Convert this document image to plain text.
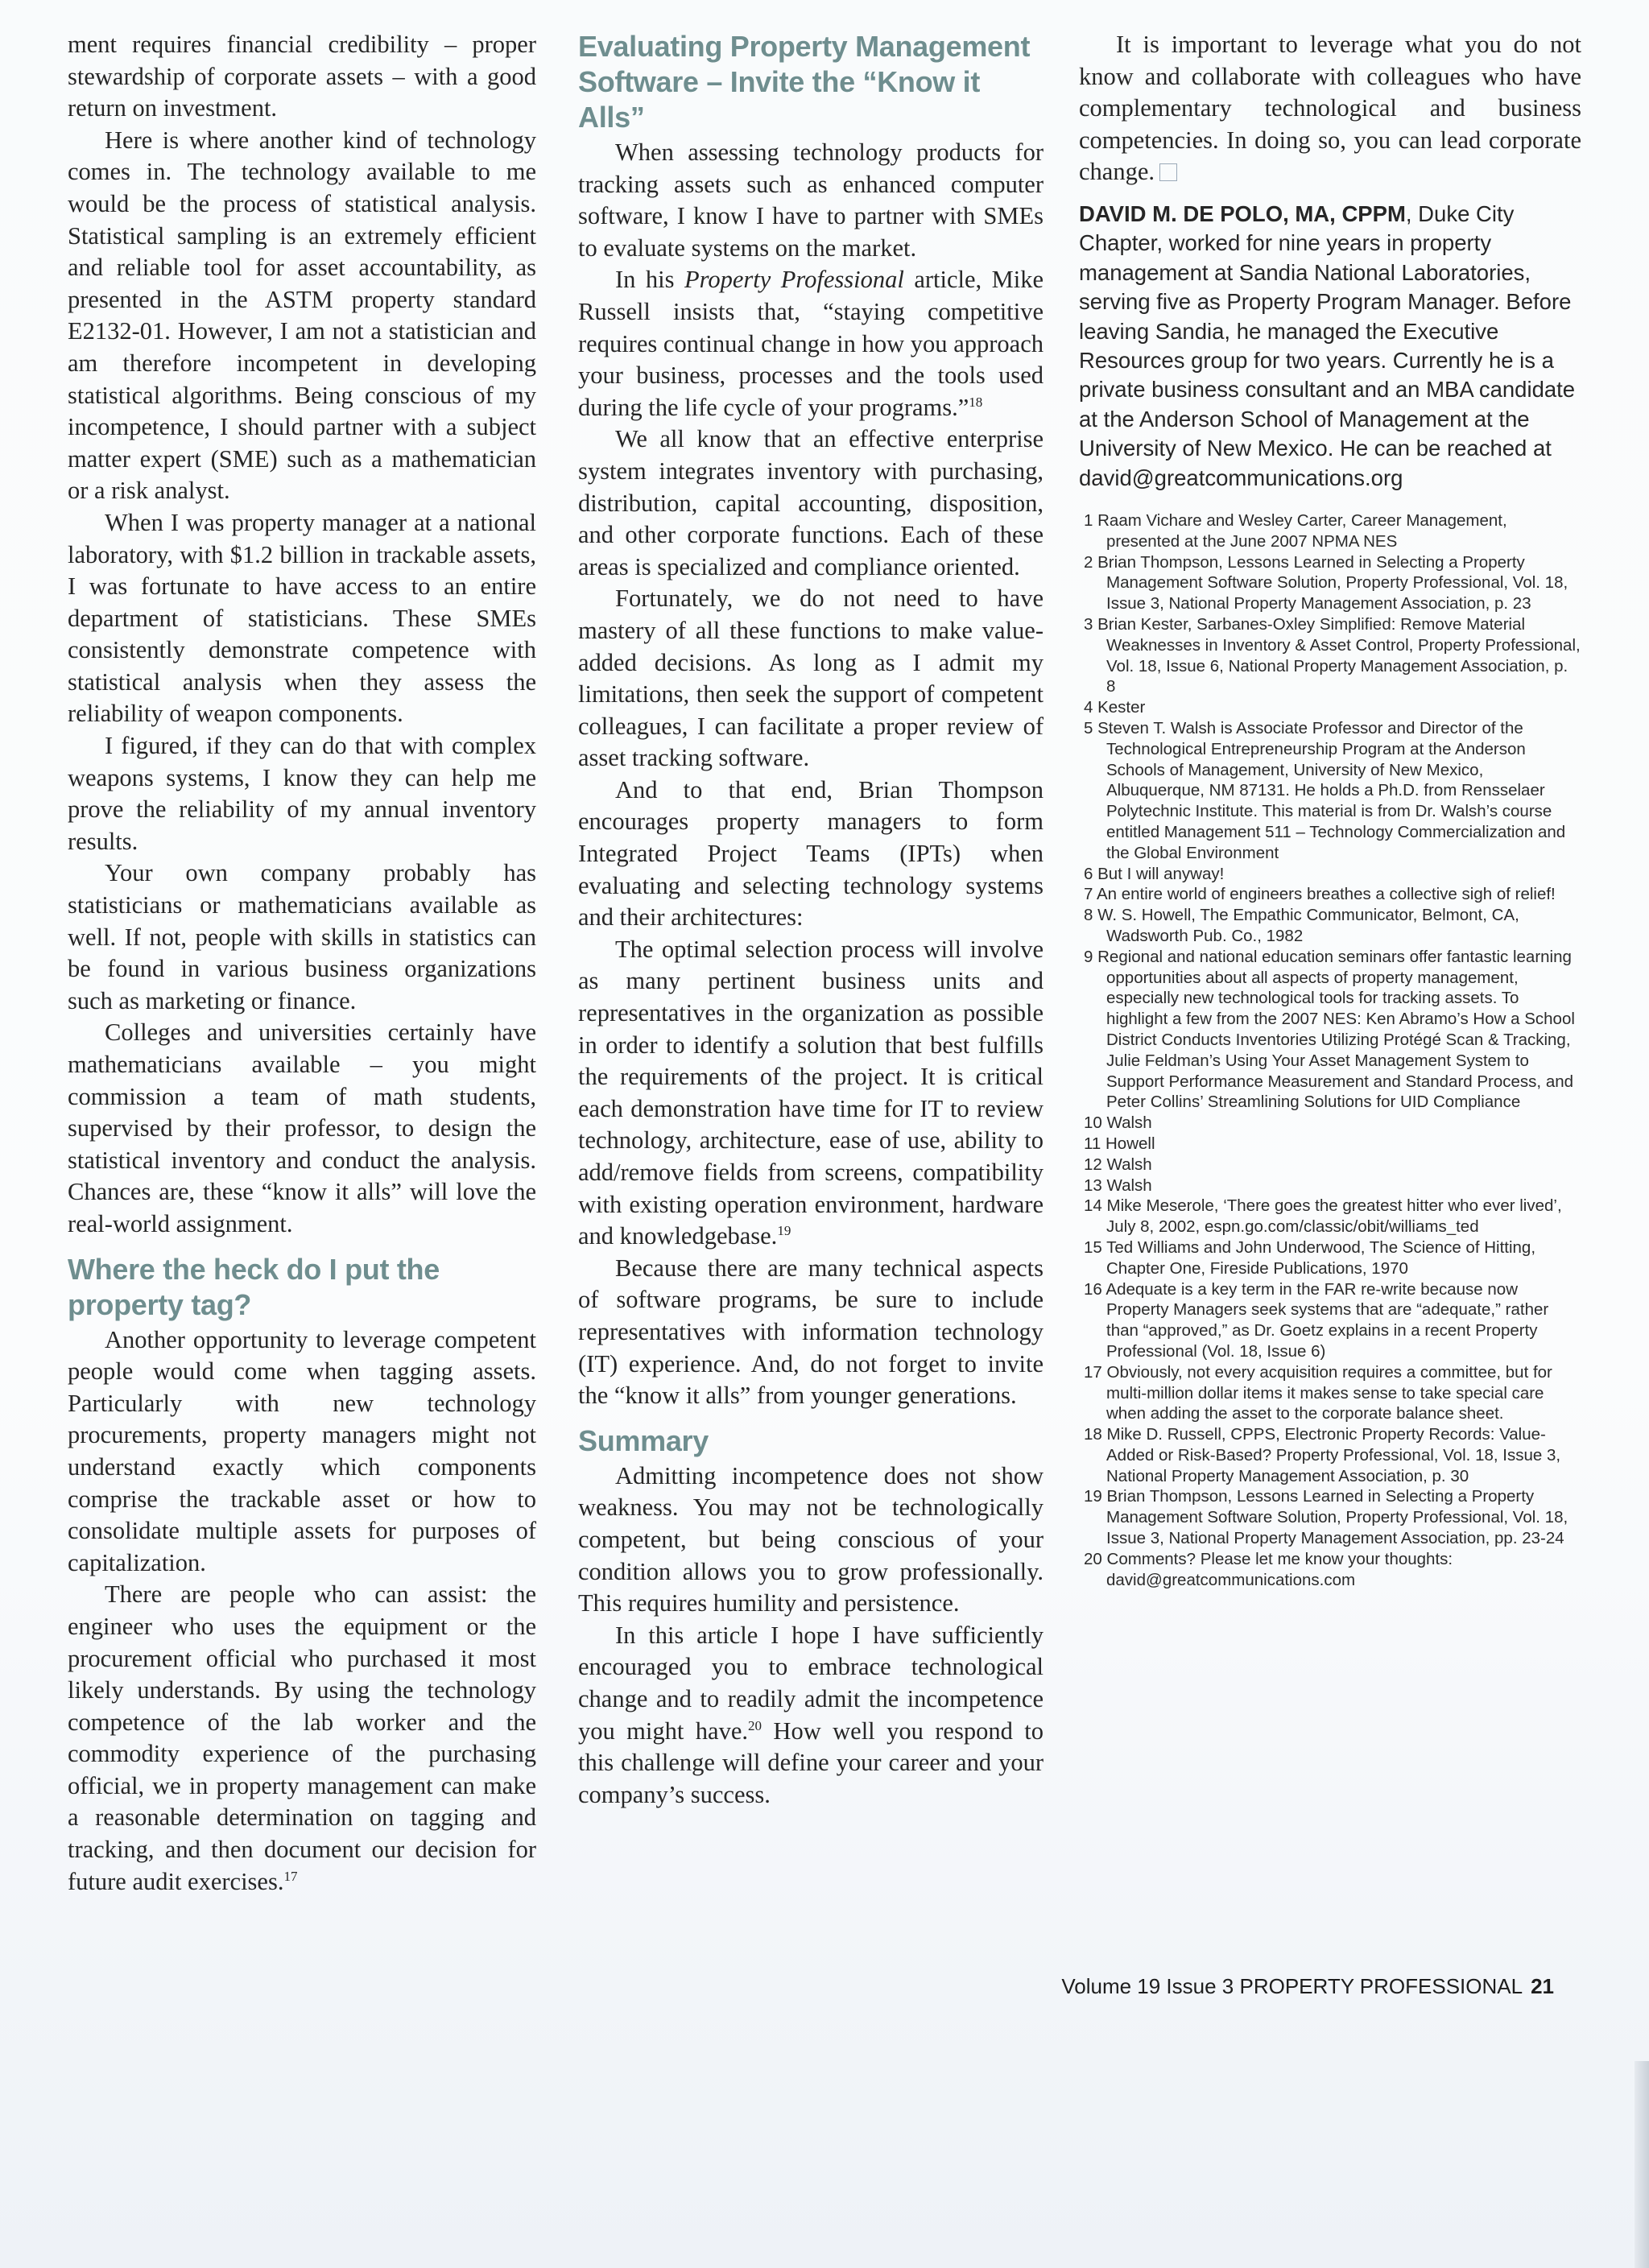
ment requires financial credibility – proper stewardship of corporate assets – with a good return on investment.

Here is where another kind of technology comes in. The technology available to me would be the process of statistical analysis. Statistical sampling is an extremely efficient and reliable tool for asset accountability, as presented in the ASTM property standard E2132-01. However, I am not a statistician and am therefore incompetent in developing statistical algorithms. Being conscious of my incompetence, I should partner with a subject matter expert (SME) such as a mathematician or a risk analyst.

When I was property manager at a national laboratory, with $1.2 billion in trackable assets, I was fortunate to have access to an entire department of statisticians. These SMEs consistently demonstrate competence with statistical analysis when they assess the reliability of weapon components.

I figured, if they can do that with complex weapons systems, I know they can help me prove the reliability of my annual inventory results.

Your own company probably has statisticians or mathematicians available as well. If not, people with skills in statistics can be found in various business organizations such as marketing or finance.

Colleges and universities certainly have mathematicians available – you might commission a team of math students, supervised by their professor, to design the statistical inventory and conduct the analysis. Chances are, these “know it alls” will love the real-world assignment.

Where the heck do I put the property tag?

Another opportunity to leverage competent people would come when tagging assets. Particularly with new technology procurements, property managers might not understand exactly which components comprise the trackable asset or how to consolidate multiple assets for purposes of capitalization.

There are people who can assist: the engineer who uses the equipment or the procurement official who purchased it most likely understands. By using the technology competence of the lab worker and the commodity experience of the purchasing official, we in property management can make a reasonable determination on tagging and tracking, and then document our decision for future audit exercises.$^{17}$

Evaluating Property Management Software – Invite the “Know it Alls”

When assessing technology products for tracking assets such as enhanced computer software, I know I have to partner with SMEs to evaluate systems on the market.

In his Property Professional article, Mike Russell insists that, “staying competitive requires continual change in how you approach your business, processes and the tools used during the life cycle of your programs.”$^{18}$

We all know that an effective enterprise system integrates inventory with purchasing, distribution, capital accounting, disposition, and other corporate functions. Each of these areas is specialized and compliance oriented.

Fortunately, we do not need to have mastery of all these functions to make value-added decisions. As long as I admit my limitations, then seek the support of competent colleagues, I can facilitate a proper review of asset tracking software.

And to that end, Brian Thompson encourages property managers to form Integrated Project Teams (IPTs) when evaluating and selecting technology systems and their architectures:

The optimal selection process will involve as many pertinent business units and representatives in the organization as possible in order to identify a solution that best fulfills the requirements of the project. It is critical each demonstration have time for IT to review technology, architecture, ease of use, ability to add/remove fields from screens, compatibility with existing operation environment, hardware and knowledgebase.$^{19}$

Because there are many technical aspects of software programs, be sure to include representatives with information technology (IT) experience. And, do not forget to invite the “know it alls” from younger generations.

Summary

Admitting incompetence does not show weakness. You may not be technologically competent, but being conscious of your condition allows you to grow professionally. This requires humility and persistence.

In this article I hope I have sufficiently encouraged you to embrace technological change and to readily admit the incompetence you might have.$^{20}$ How well you respond to this challenge will define your career and your company’s success.

It is important to leverage what you do not know and collaborate with colleagues who have complementary technological and business competencies. In doing so, you can lead corporate change.

DAVID M. DE POLO, MA, CPPM, Duke City Chapter, worked for nine years in property management at Sandia National Laboratories, serving five as Property Program Manager. Before leaving Sandia, he managed the Executive Resources group for two years. Currently he is a private business consultant and an MBA candidate at the Anderson School of Management at the University of New Mexico. He can be reached at david@greatcommunications.org
1 Raam Vichare and Wesley Carter, Career Management, presented at the June 2007 NPMA NES
2 Brian Thompson, Lessons Learned in Selecting a Property Management Software Solution, Property Professional, Vol. 18, Issue 3, National Property Management Association, p. 23
3 Brian Kester, Sarbanes-Oxley Simplified: Remove Material Weaknesses in Inventory & Asset Control, Property Professional, Vol. 18, Issue 6, National Property Management Association, p. 8
4 Kester
5 Steven T. Walsh is Associate Professor and Director of the Technological Entrepreneurship Program at the Anderson Schools of Management, University of New Mexico, Albuquerque, NM 87131. He holds a Ph.D. from Rensselaer Polytechnic Institute. This material is from Dr. Walsh’s course entitled Management 511 – Technology Commercialization and the Global Environment
6 But I will anyway!
7 An entire world of engineers breathes a collective sigh of relief!
8 W. S. Howell, The Empathic Communicator, Belmont, CA, Wadsworth Pub. Co., 1982
9 Regional and national education seminars offer fantastic learning opportunities about all aspects of property management, especially new technological tools for tracking assets. To highlight a few from the 2007 NES: Ken Abramo’s How a School District Conducts Inventories Utilizing Protégé Scan & Tracking, Julie Feldman’s Using Your Asset Management System to Support Performance Measurement and Standard Process, and Peter Collins’ Streamlining Solutions for UID Compliance
10 Walsh
11 Howell
12 Walsh
13 Walsh
14 Mike Meserole, ‘There goes the greatest hitter who ever lived’, July 8, 2002, espn.go.com/classic/obit/williams_ted
15 Ted Williams and John Underwood, The Science of Hitting, Chapter One, Fireside Publications, 1970
16 Adequate is a key term in the FAR re-write because now Property Managers seek systems that are “adequate,” rather than “approved,” as Dr. Goetz explains in a recent Property Professional (Vol. 18, Issue 6)
17 Obviously, not every acquisition requires a committee, but for multi-million dollar items it makes sense to take special care when adding the asset to the corporate balance sheet.
18 Mike D. Russell, CPPS, Electronic Property Records: Value-Added or Risk-Based? Property Professional, Vol. 18, Issue 3, National Property Management Association, p. 30
19 Brian Thompson, Lessons Learned in Selecting a Property Management Software Solution, Property Professional, Vol. 18, Issue 3, National Property Management Association, pp. 23-24
20 Comments? Please let me know your thoughts: david@greatcommunications.com
Volume 19 Issue 3 PROPERTY PROFESSIONAL 21
